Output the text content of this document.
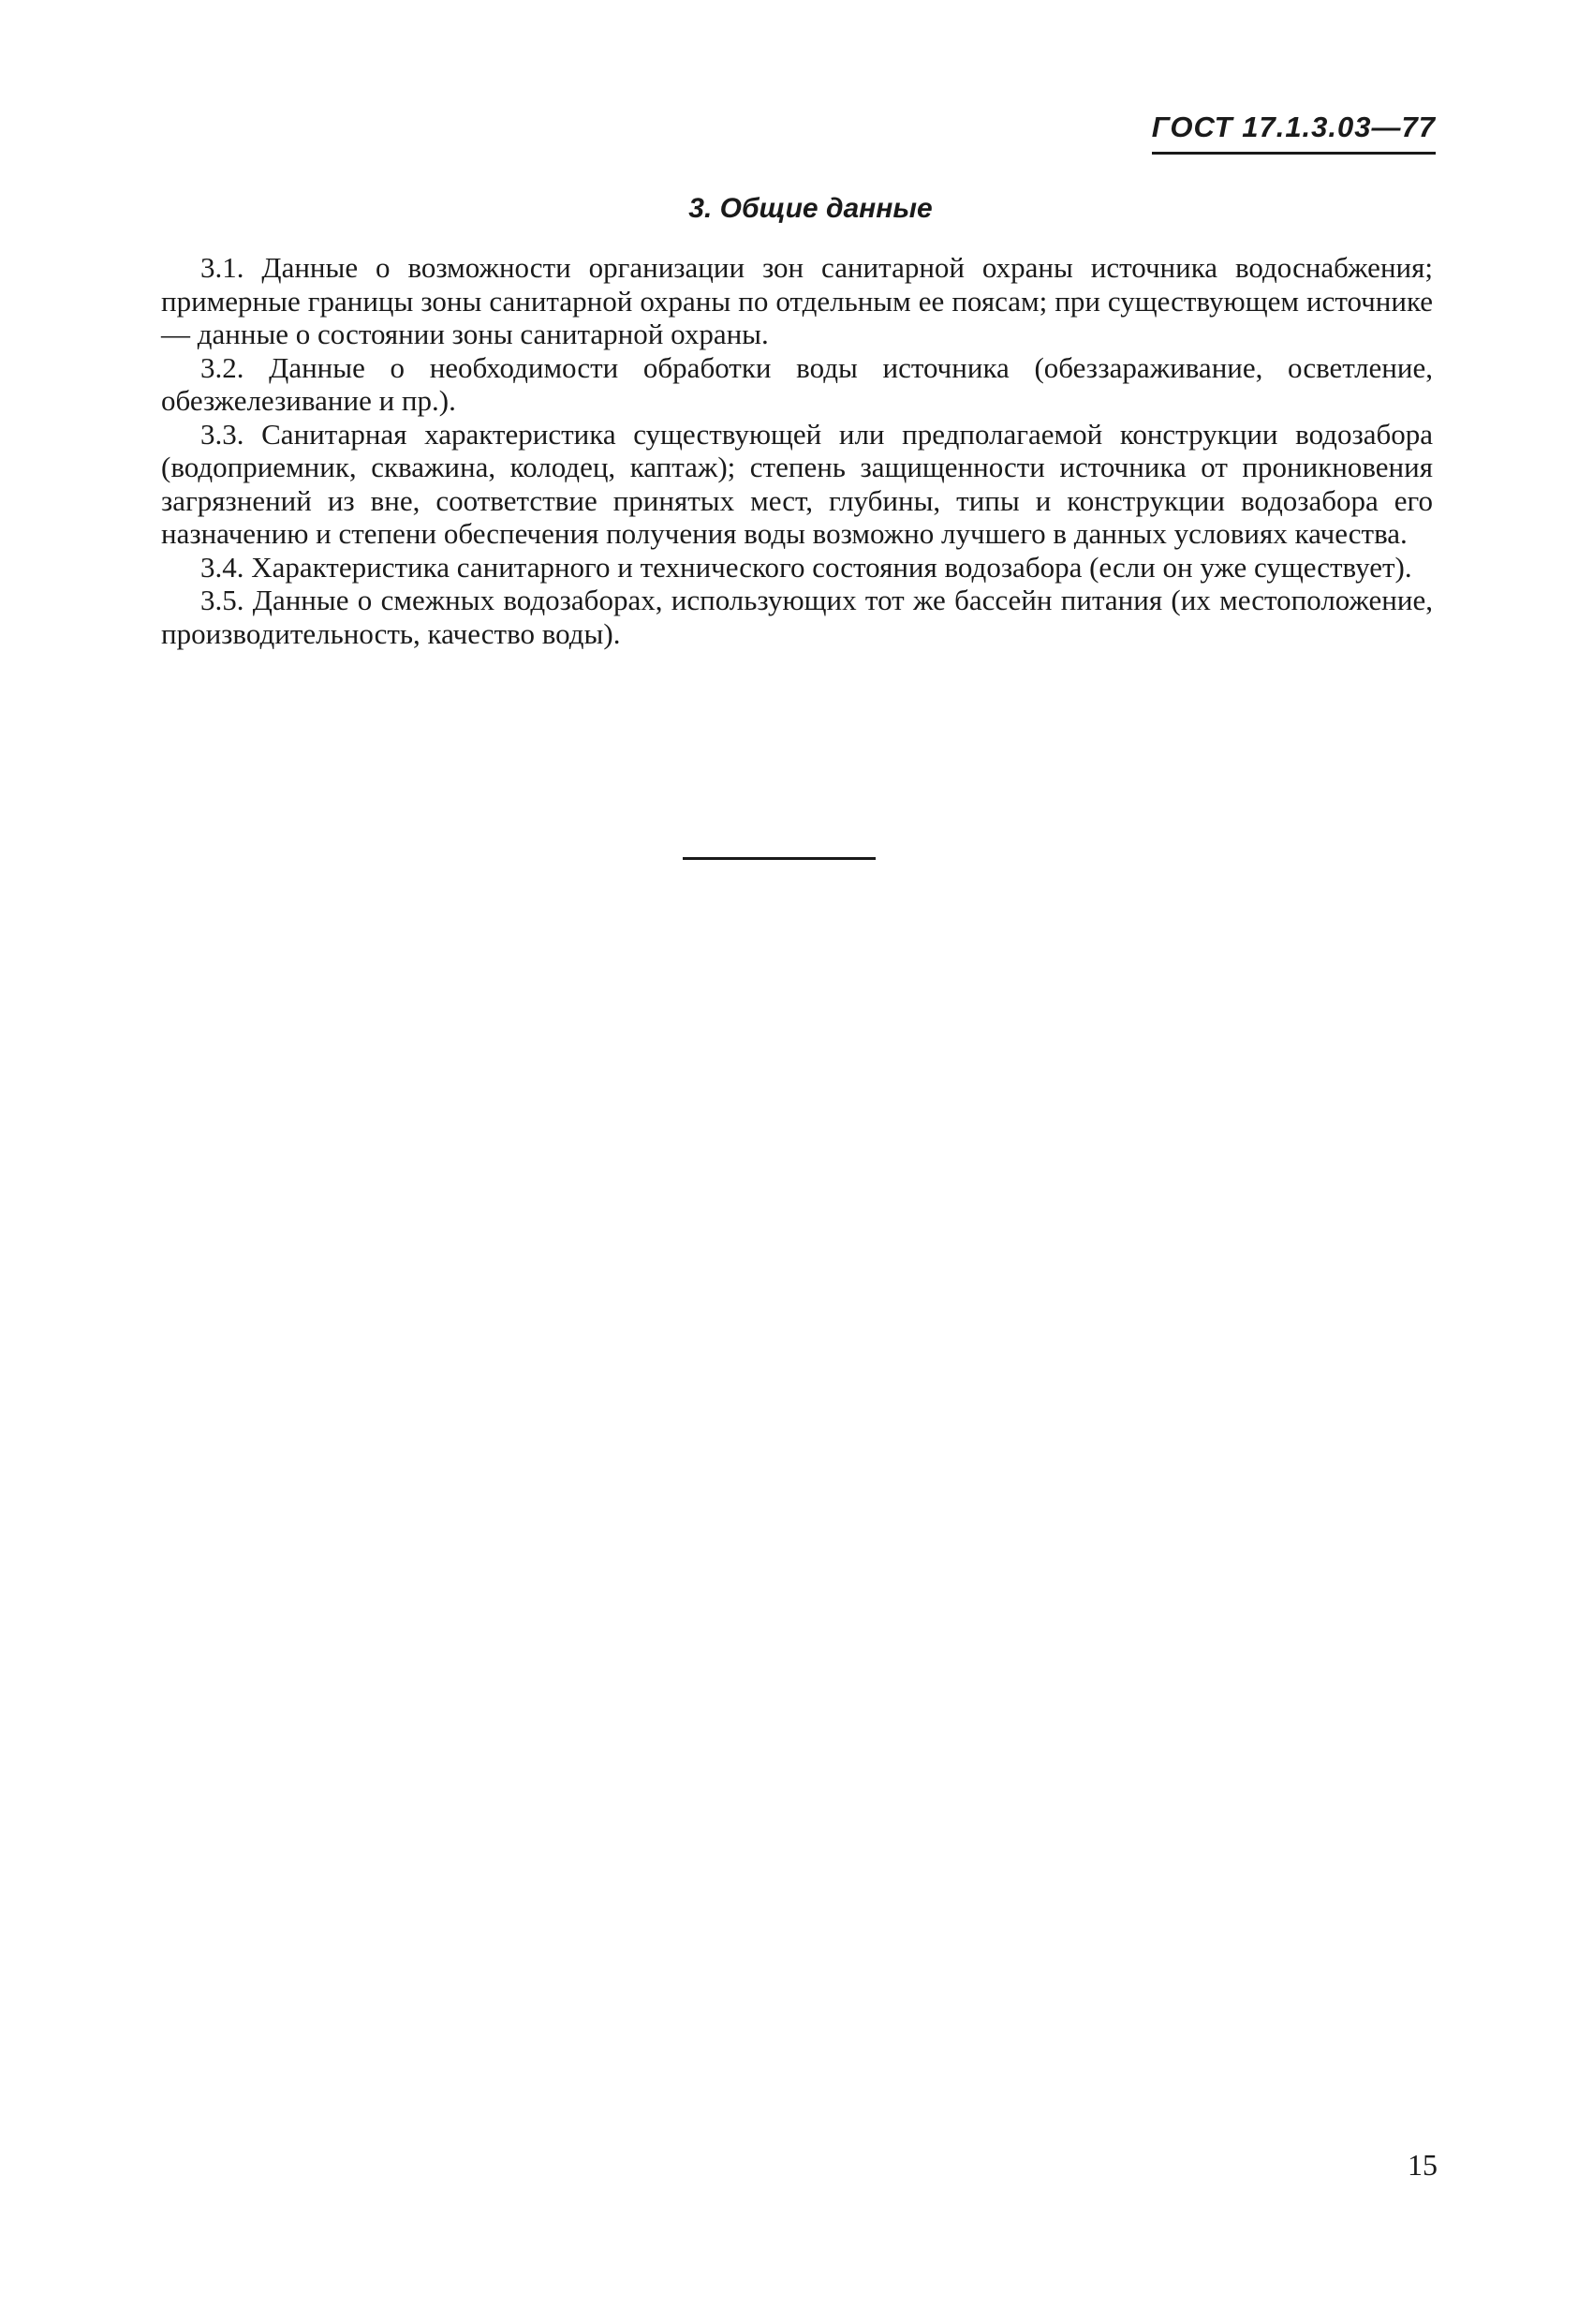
ГОСТ 17.1.3.03—77
3. Общие данные

3.1. Данные о возможности организации зон санитарной охраны источника водоснабжения; примерные границы зоны санитарной охраны по отдельным ее поясам; при существующем источнике — данные о состоянии зоны санитарной охраны.

3.2. Данные о необходимости обработки воды источника (обеззараживание, осветление, обезжелезивание и пр.).

3.3. Санитарная характеристика существующей или предполагаемой конструкции водозабора (водоприемник, скважина, колодец, каптаж); степень защищенности источника от проникновения загрязнений из вне, соответствие принятых мест, глубины, типы и конструкции водозабора его назначению и степени обеспечения получения воды возможно лучшего в данных условиях качества.

3.4. Характеристика санитарного и технического состояния водозабора (если он уже существует).

3.5. Данные о смежных водозаборах, использующих тот же бассейн питания (их местоположение, производительность, качество воды).

15
